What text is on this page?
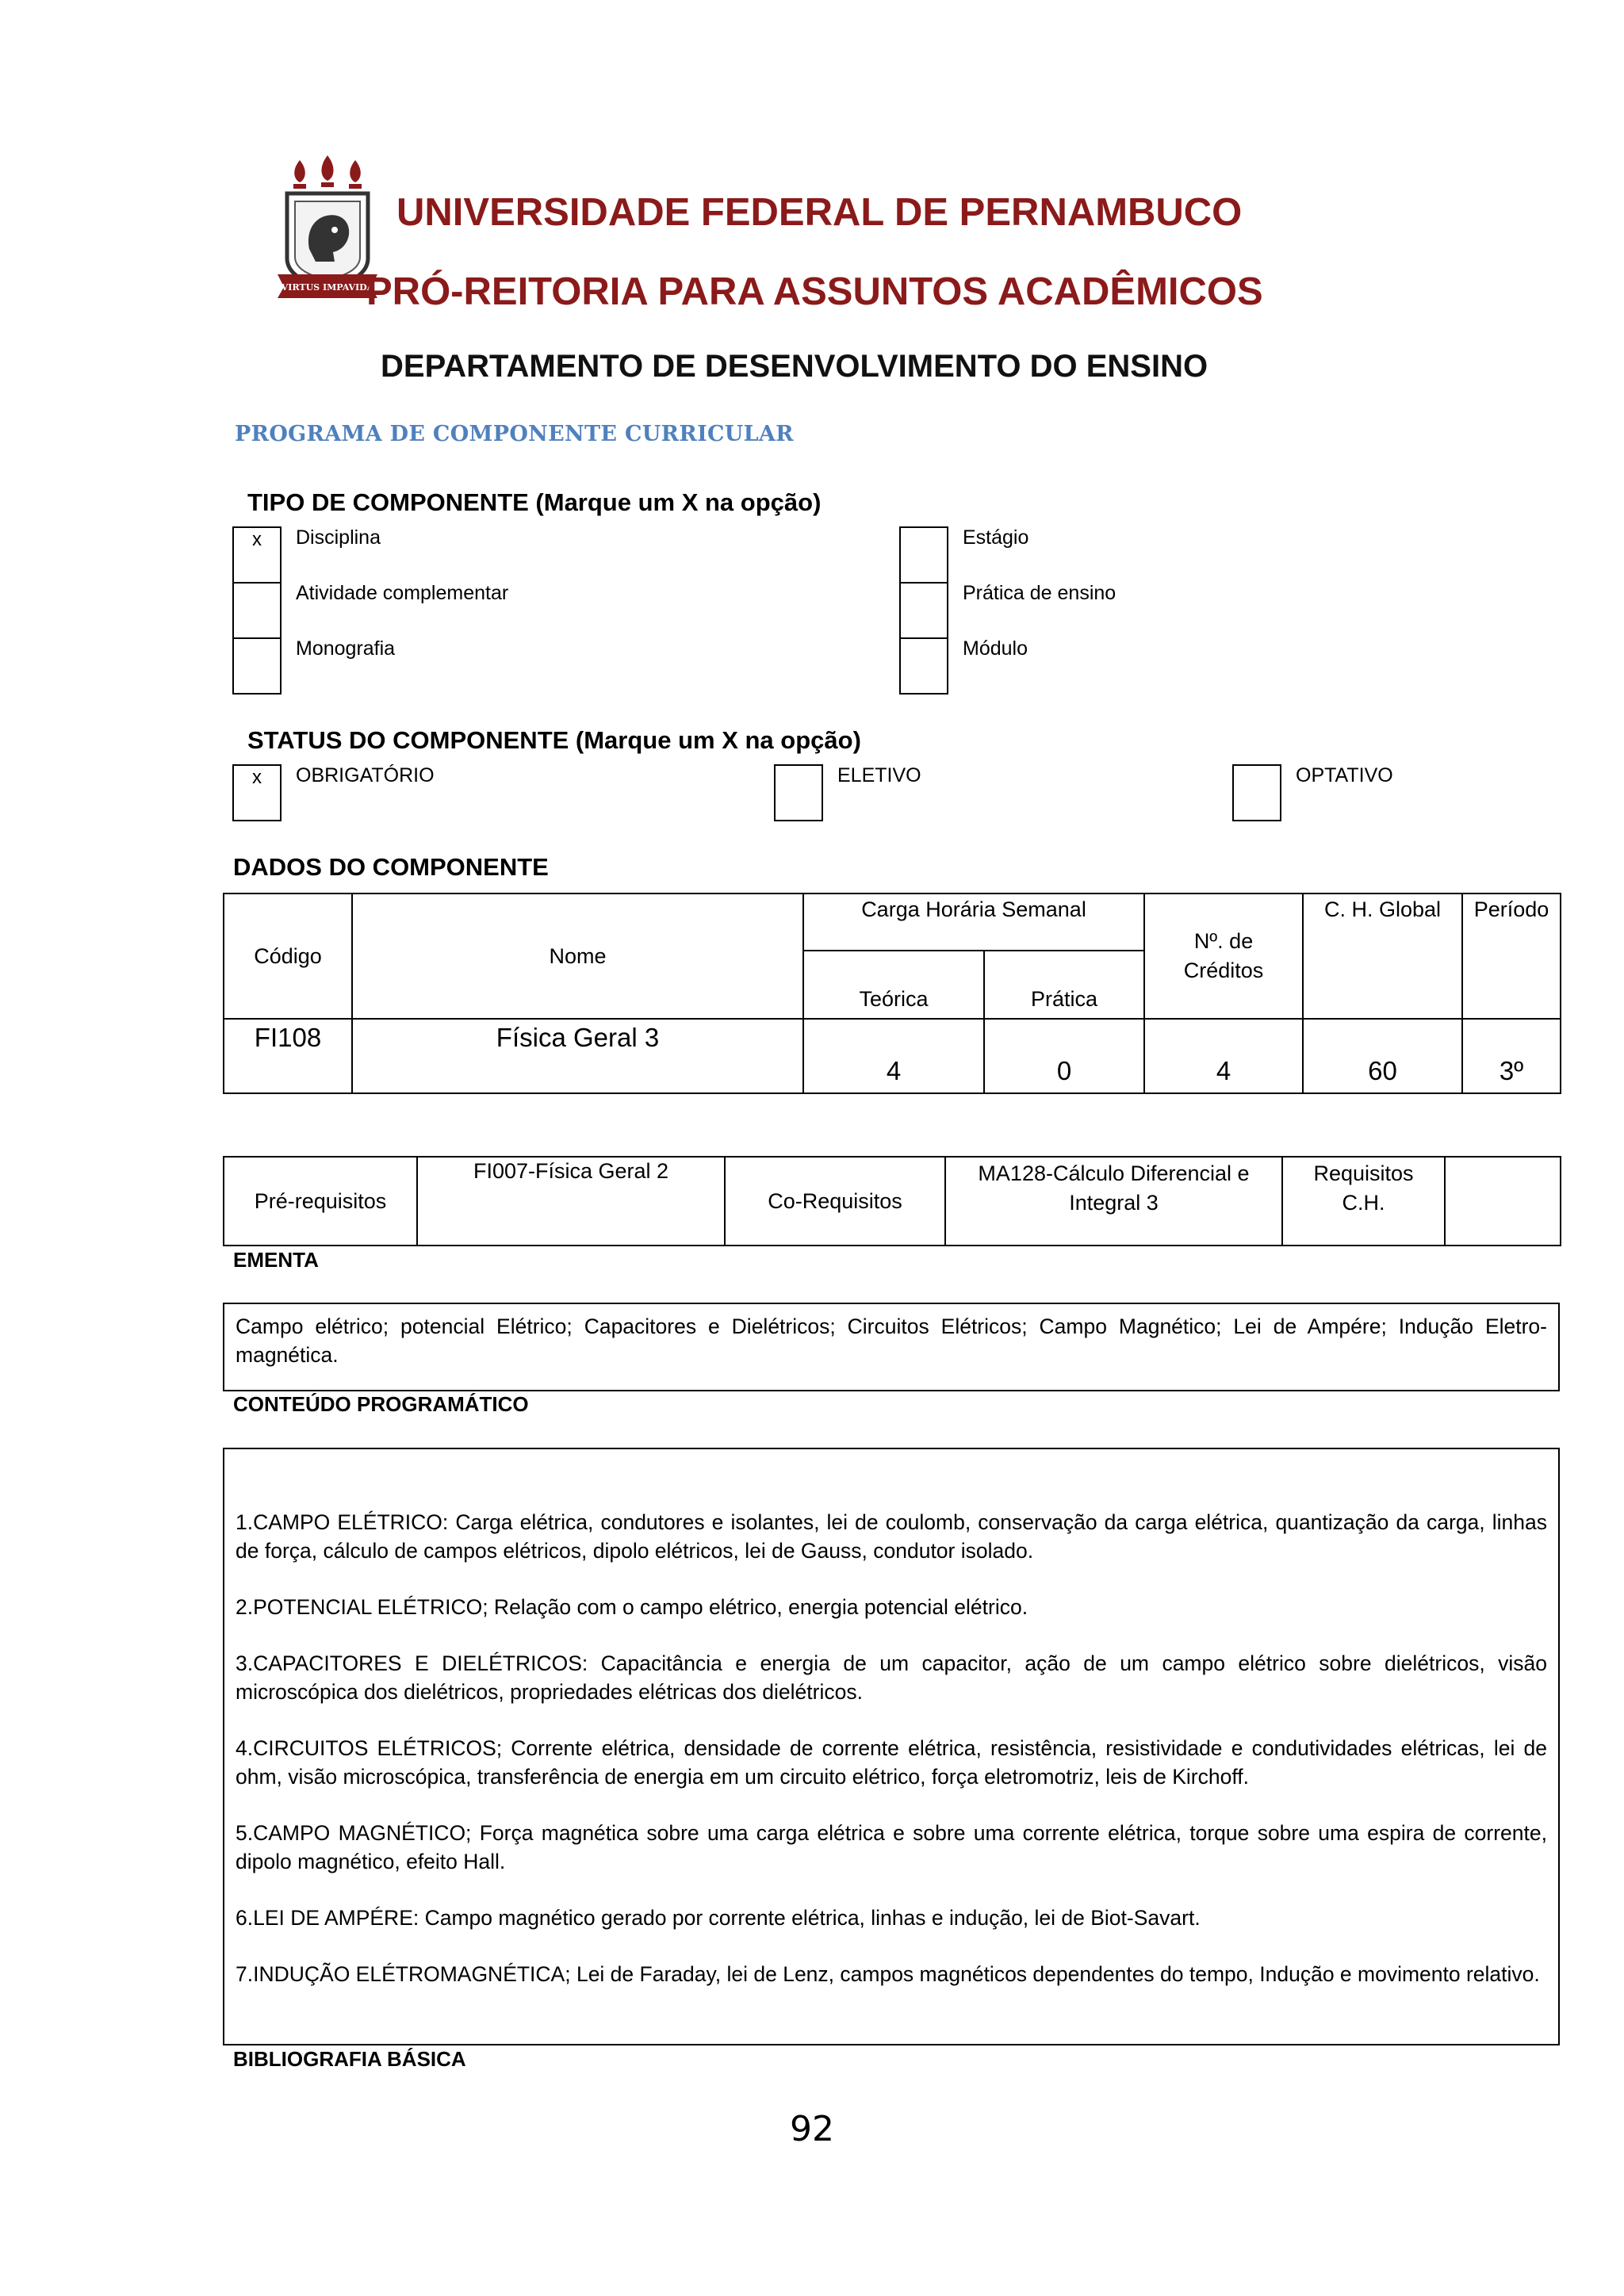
VIRTUS IMPAVIDA
UNIVERSIDADE FEDERAL DE PERNAMBUCO
PRÓ-REITORIA PARA ASSUNTOS ACADÊMICOS
DEPARTAMENTO DE DESENVOLVIMENTO DO ENSINO
PROGRAMA DE COMPONENTE CURRICULAR
TIPO DE COMPONENTE (Marque um X na opção)
x	Disciplina
Atividade complementar
Monografia
Estágio
Prática de ensino
Módulo
STATUS DO COMPONENTE (Marque um X na opção)
x	OBRIGATÓRIO	ELETIVO	OPTATIVO
DADOS DO COMPONENTE
Código	Nome	Carga Horária Semanal		Nº. de Créditos	C. H. Global	Período
		Teórica	Prática			
FI108	Física Geral 3	4	0	4	60	3º
Pré-requisitos	FI007-Física Geral 2	Co-Requisitos	MA128-Cálculo Diferencial e Integral 3	Requisitos C.H.	
EMENTA
Campo elétrico; potencial Elétrico; Capacitores e Dielétricos; Circuitos Elétricos; Campo Magnético; Lei de Ampére; Indução Eletro-magnética.
CONTEÚDO PROGRAMÁTICO

1.CAMPO ELÉTRICO: Carga elétrica, condutores e isolantes, lei de coulomb, conservação da carga elétrica, quantização da carga, linhas de força, cálculo de campos elétricos, dipolo elétricos, lei de Gauss, condutor isolado.

2.POTENCIAL ELÉTRICO; Relação com o campo elétrico, energia potencial elétrico.

3.CAPACITORES E DIELÉTRICOS: Capacitância e energia de um capacitor, ação de um campo elétrico sobre dielétricos, visão microscópica dos dielétricos, propriedades elétricas dos dielétricos.

4.CIRCUITOS ELÉTRICOS; Corrente elétrica, densidade de corrente elétrica, resistência, resistividade e condutividades elétricas, lei de ohm, visão microscópica, transferência de energia em um circuito elétrico, força eletromotriz, leis de Kirchoff.

5.CAMPO MAGNÉTICO; Força magnética sobre uma carga elétrica e sobre uma corrente elétrica, torque sobre uma espira de corrente, dipolo magnético, efeito Hall.

6.LEI DE AMPÉRE: Campo magnético gerado por corrente elétrica, linhas e indução, lei de Biot-Savart.

7.INDUÇÃO ELÉTROMAGNÉTICA; Lei de Faraday, lei de Lenz, campos magnéticos dependentes do tempo, Indução e movimento relativo.

BIBLIOGRAFIA BÁSICA
92
